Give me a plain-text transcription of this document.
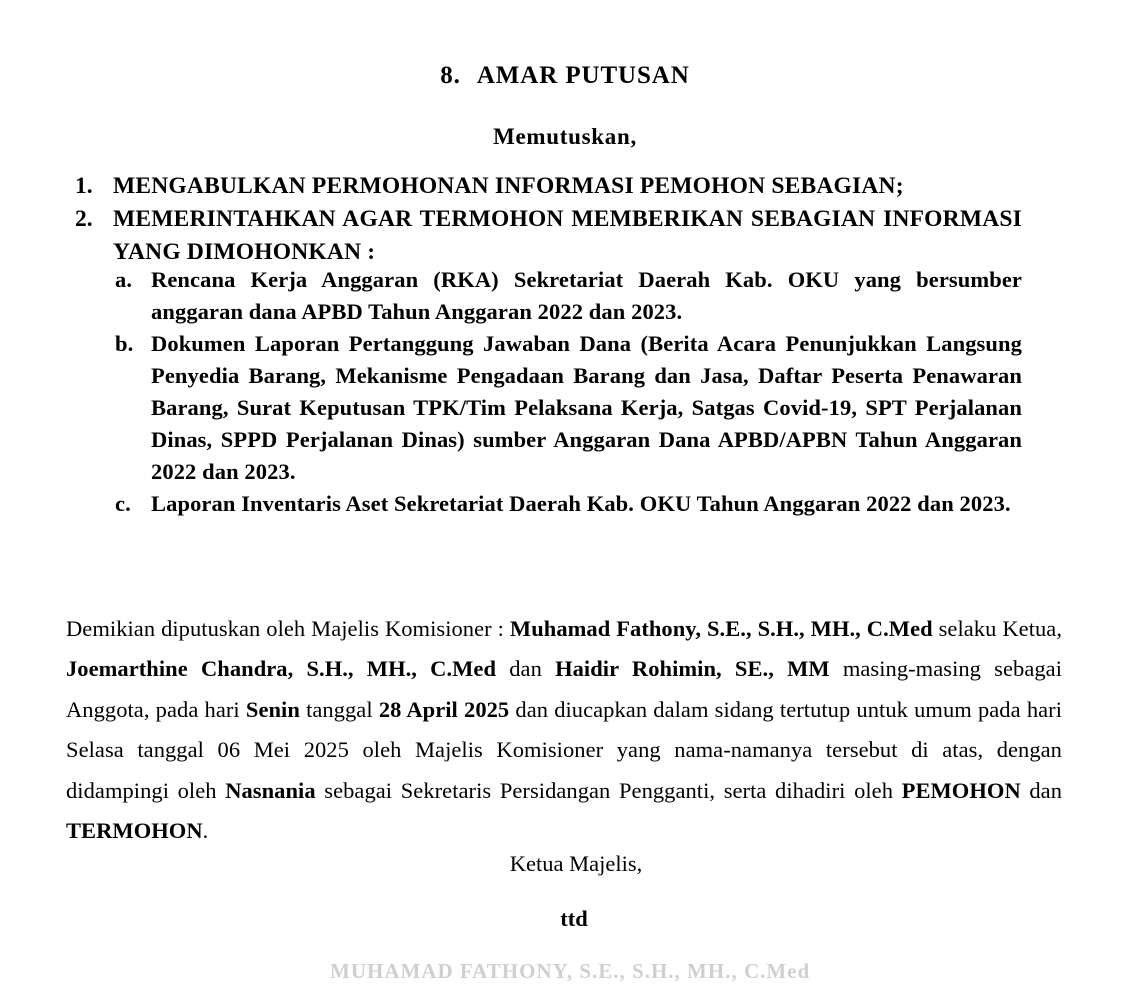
8. AMAR PUTUSAN
Memutuskan,
1. MENGABULKAN PERMOHONAN INFORMASI PEMOHON SEBAGIAN;
2. MEMERINTAHKAN AGAR TERMOHON MEMBERIKAN SEBAGIAN INFORMASI YANG DIMOHONKAN :
a. Rencana Kerja Anggaran (RKA) Sekretariat Daerah Kab. OKU yang bersumber anggaran dana APBD Tahun Anggaran 2022 dan 2023.
b. Dokumen Laporan Pertanggung Jawaban Dana (Berita Acara Penunjukkan Langsung Penyedia Barang, Mekanisme Pengadaan Barang dan Jasa, Daftar Peserta Penawaran Barang, Surat Keputusan TPK/Tim Pelaksana Kerja, Satgas Covid-19, SPT Perjalanan Dinas, SPPD Perjalanan Dinas) sumber Anggaran Dana APBD/APBN Tahun Anggaran 2022 dan 2023.
c. Laporan Inventaris Aset Sekretariat Daerah Kab. OKU Tahun Anggaran 2022 dan 2023.

Demikian diputuskan oleh Majelis Komisioner : Muhamad Fathony, S.E., S.H., MH., C.Med selaku Ketua, Joemarthine Chandra, S.H., MH., C.Med dan Haidir Rohimin, SE., MM masing-masing sebagai Anggota, pada hari Senin tanggal 28 April 2025 dan diucapkan dalam sidang tertutup untuk umum pada hari Selasa tanggal 06 Mei 2025 oleh Majelis Komisioner yang nama-namanya tersebut di atas, dengan didampingi oleh Nasnania sebagai Sekretaris Persidangan Pengganti, serta dihadiri oleh PEMOHON dan TERMOHON.

Ketua Majelis,
ttd
MUHAMAD FATHONY, S.E., S.H., MH., C.Med
